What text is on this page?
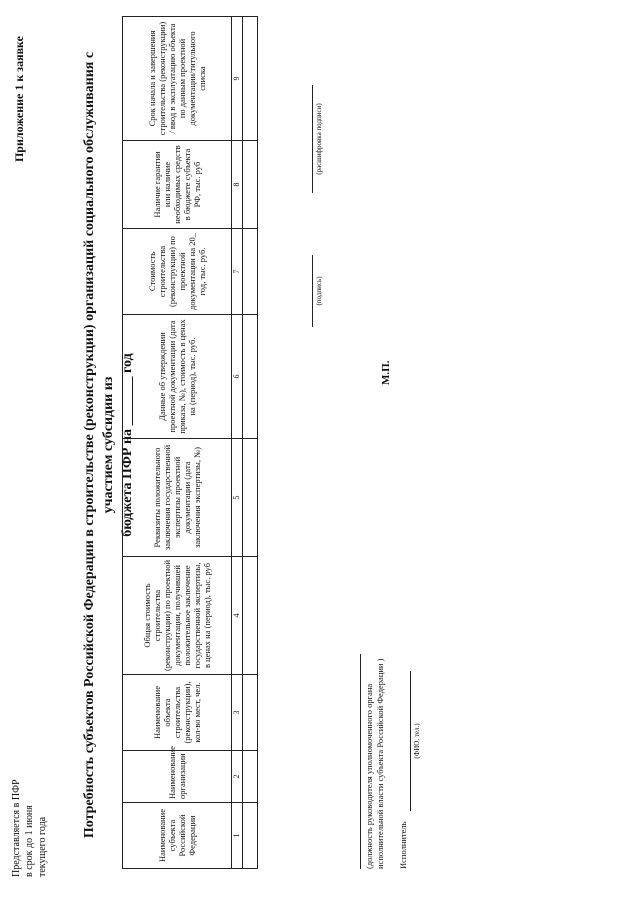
Представляется в ПФР в срок до 1 июня текущего года
Приложение 1 к заявке	Потребность субъектов Российской Федерации в строительстве (реконструкции) организаций социального обслуживания с участием субсидии из бюджета ПФР на _______ год
Наименование субъекта Российской Федерации	Наименование организации	Наименование объекта строительства (реконструкции), кол-во мест, чел.	Общая стоимость строительства (реконструкции) по проектной документации, получившей положительное заключение государственной экспертизы, в ценах на (период), тыс. руб	Реквизиты положительного заключения государственной экспертизы проектной документации (дата заключения экспертизы, №)	Данные об утверждении проектной документации (дата приказа, №), стоимость в ценах на (период), тыс. руб.	Стоимость строительства (реконструкции) по проектной документации на 20_ год, тыс. руб.	Наличие гарантии или наличие необходимых средств в бюджете субъекта РФ, тыс. руб	Срок начала и завершения строительства (реконструкции) / ввод в эксплуатацию объекта по данным проектной документации/титульного списка
1	2	3	4	5	6	7	8	9

(должность руководителя уполномоченного органа исполнительной власти субъекта Российской Федерации )
М.П.
(подпись)
(расшифровка подписи)
Исполнитель
(ФИО, тел.)
